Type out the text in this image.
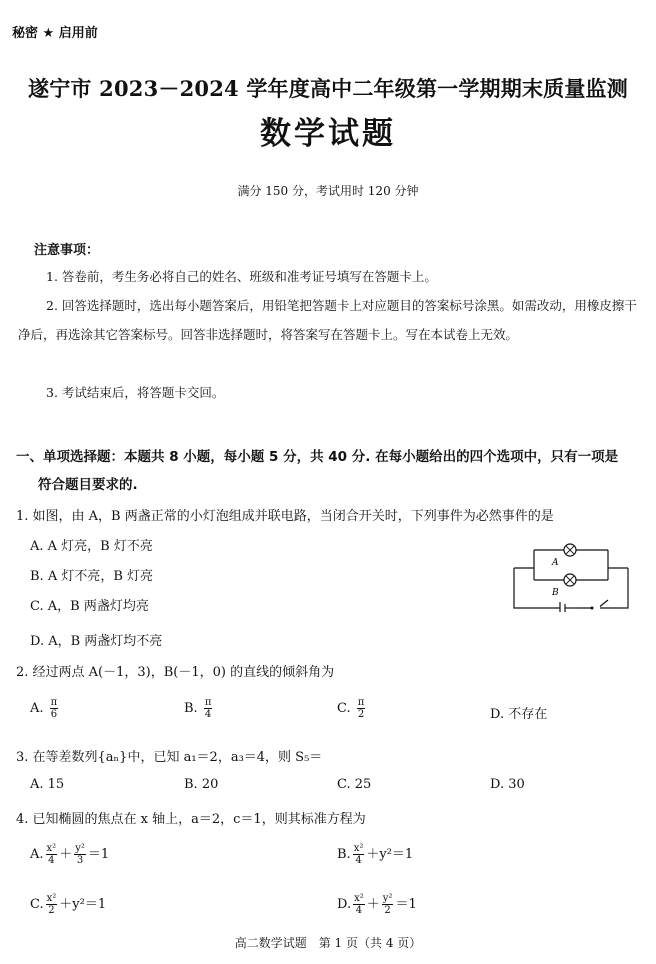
秘密 ★ 启用前
遂宁市 2023－2024 学年度高中二年级第一学期期末质量监测
数学试题
满分 150 分，考试用时 120 分钟
注意事项：
1. 答卷前，考生务必将自己的姓名、班级和准考证号填写在答题卡上。
2. 回答选择题时，选出每小题答案后，用铅笔把答题卡上对应题目的答案标号涂黑。如需改动，用橡皮擦干净后，再选涂其它答案标号。回答非选择题时，将答案写在答题卡上。写在本试卷上无效。
3. 考试结束后，将答题卡交回。
一、单项选择题：本题共 8 小题，每小题 5 分，共 40 分. 在每小题给出的四个选项中，只有一项是
符合题目要求的.
1. 如图，由 A，B 两盏正常的小灯泡组成并联电路，当闭合开关时，下列事件为必然事件的是
A. A 灯亮，B 灯不亮
B. A 灯不亮，B 灯亮
C. A，B 两盏灯均亮
D. A，B 两盏灯均不亮
A
B
2. 经过两点 A(－1，3)，B(－1，0) 的直线的倾斜角为
A. $\frac{\pi}{6}$	B. $\frac{\pi}{4}$	C. $\frac{\pi}{2}$	D. 不存在
3. 在等差数列{aₙ}中，已知 a₁＝2，a₃＝4，则 S₅＝
A. 15	B. 20	C. 25	D. 30
4. 已知椭圆的焦点在 x 轴上，a＝2，c＝1，则其标准方程为
A. $\frac{\text{x²}}{4} + \frac{\text{y²}}{3} =1$	B. $\frac{\text{x²}}{4} +y^2=1$
C. $\frac{\text{x²}}{2} +y^2=1$	D. $\frac{\text{x²}}{4} + \frac{\text{y²}}{2} =1$
高二数学试题　第 1 页（共 4 页）
